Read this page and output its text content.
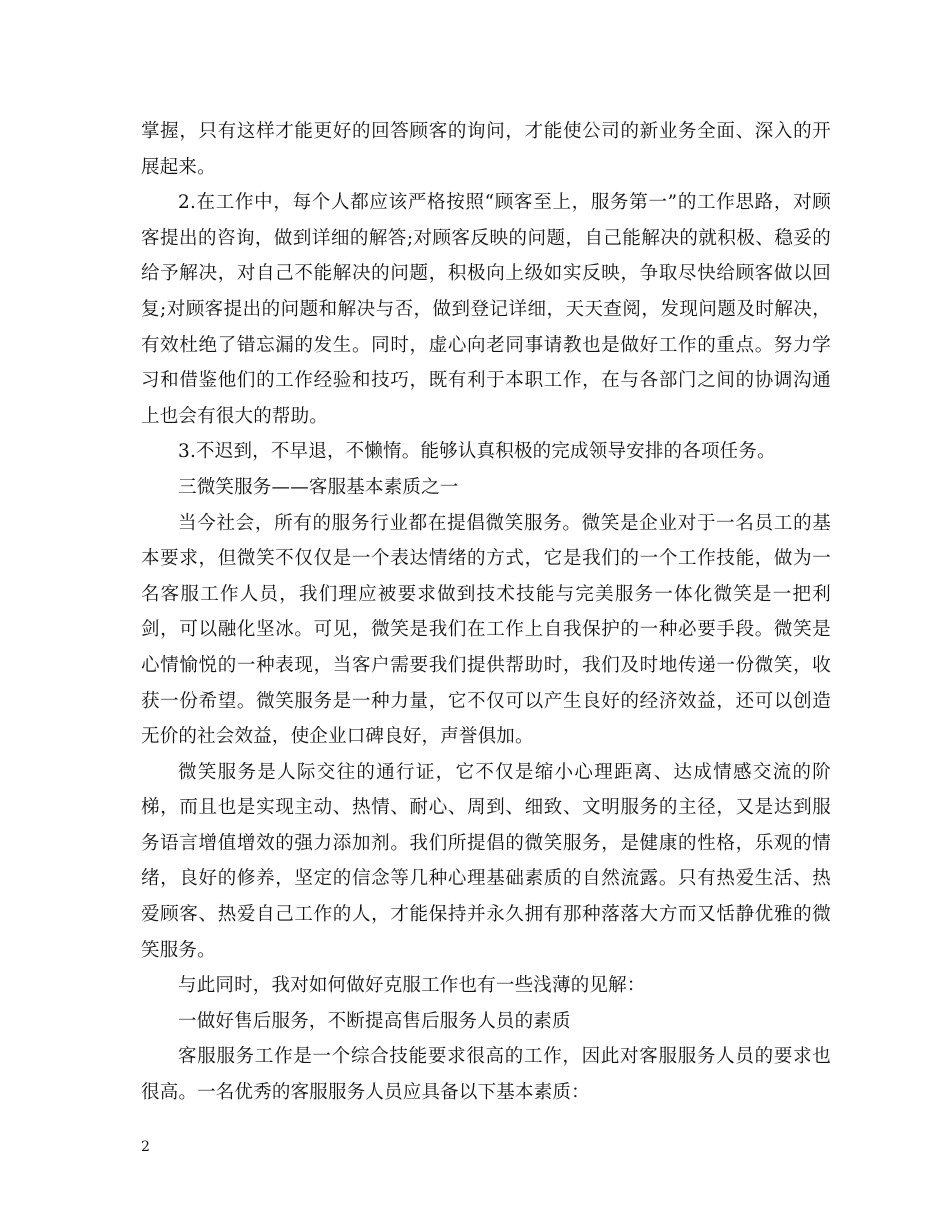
掌握，只有这样才能更好的回答顾客的询问，才能使公司的新业务全面、深入的开展起来。

2.在工作中，每个人都应该严格按照“顾客至上，服务第一”的工作思路，对顾客提出的咨询，做到详细的解答;对顾客反映的问题，自己能解决的就积极、稳妥的给予解决，对自己不能解决的问题，积极向上级如实反映，争取尽快给顾客做以回复;对顾客提出的问题和解决与否，做到登记详细，天天查阅，发现问题及时解决，有效杜绝了错忘漏的发生。同时，虚心向老同事请教也是做好工作的重点。努力学习和借鉴他们的工作经验和技巧，既有利于本职工作，在与各部门之间的协调沟通上也会有很大的帮助。

3.不迟到，不早退，不懒惰。能够认真积极的完成领导安排的各项任务。

三微笑服务——客服基本素质之一

当今社会，所有的服务行业都在提倡微笑服务。微笑是企业对于一名员工的基本要求，但微笑不仅仅是一个表达情绪的方式，它是我们的一个工作技能，做为一名客服工作人员，我们理应被要求做到技术技能与完美服务一体化微笑是一把利剑，可以融化坚冰。可见，微笑是我们在工作上自我保护的一种必要手段。微笑是心情愉悦的一种表现，当客户需要我们提供帮助时，我们及时地传递一份微笑，收获一份希望。微笑服务是一种力量，它不仅可以产生良好的经济效益，还可以创造无价的社会效益，使企业口碑良好，声誉俱加。

微笑服务是人际交往的通行证，它不仅是缩小心理距离、达成情感交流的阶梯，而且也是实现主动、热情、耐心、周到、细致、文明服务的主径，又是达到服务语言增值增效的强力添加剂。我们所提倡的微笑服务，是健康的性格，乐观的情绪，良好的修养，坚定的信念等几种心理基础素质的自然流露。只有热爱生活、热爱顾客、热爱自己工作的人，才能保持并永久拥有那种落落大方而又恬静优雅的微笑服务。

与此同时，我对如何做好克服工作也有一些浅薄的见解：

一做好售后服务，不断提高售后服务人员的素质

客服服务工作是一个综合技能要求很高的工作，因此对客服服务人员的要求也很高。一名优秀的客服服务人员应具备以下基本素质：

2
